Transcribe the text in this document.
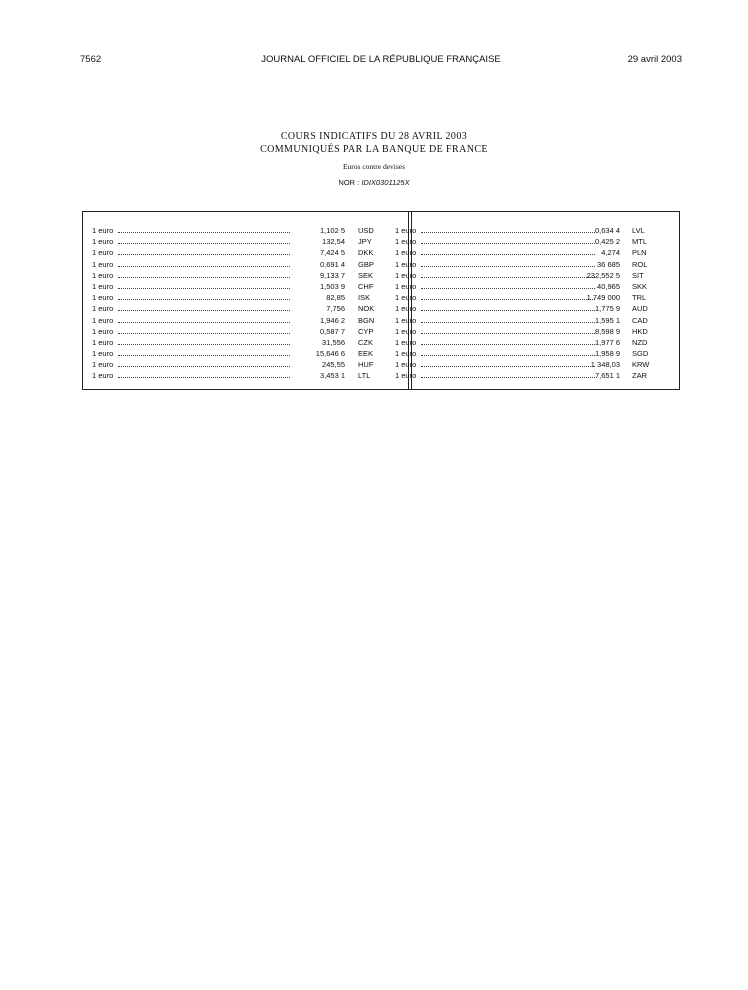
7562	JOURNAL OFFICIEL DE LA RÉPUBLIQUE FRANÇAISE	29 avril 2003
COURS INDICATIFS DU 28 AVRIL 2003
COMMUNIQUÉS PAR LA BANQUE DE FRANCE
Euros contre devises
NOR : IDIX0301125X
1 euro	1,102 5 USD
1 euro	132,54 JPY
1 euro	7,424 5 DKK
1 euro	0,691 4 GBP
1 euro	9,133 7 SEK
1 euro	1,503 9 CHF
1 euro	82,85 ISK
1 euro	7,756 NOK
1 euro	1,946 2 BGN
1 euro	0,587 7 CYP
1 euro	31,556 CZK
1 euro	15,646 6 EEK
1 euro	245,55 HUF
1 euro	3,453 1 LTL
1 euro	0,634 4 LVL
1 euro	0,425 2 MTL
1 euro	4,274 PLN
1 euro	36 685 ROL
1 euro	232,552 5 SIT
1 euro	40,965 SKK
1 euro	1 749 000 TRL
1 euro	1,775 9 AUD
1 euro	1,595 1 CAD
1 euro	8,598 9 HKD
1 euro	1,977 6 NZD
1 euro	1,958 9 SGD
1 euro	1 348,03 KRW
1 euro	7,651 1 ZAR
